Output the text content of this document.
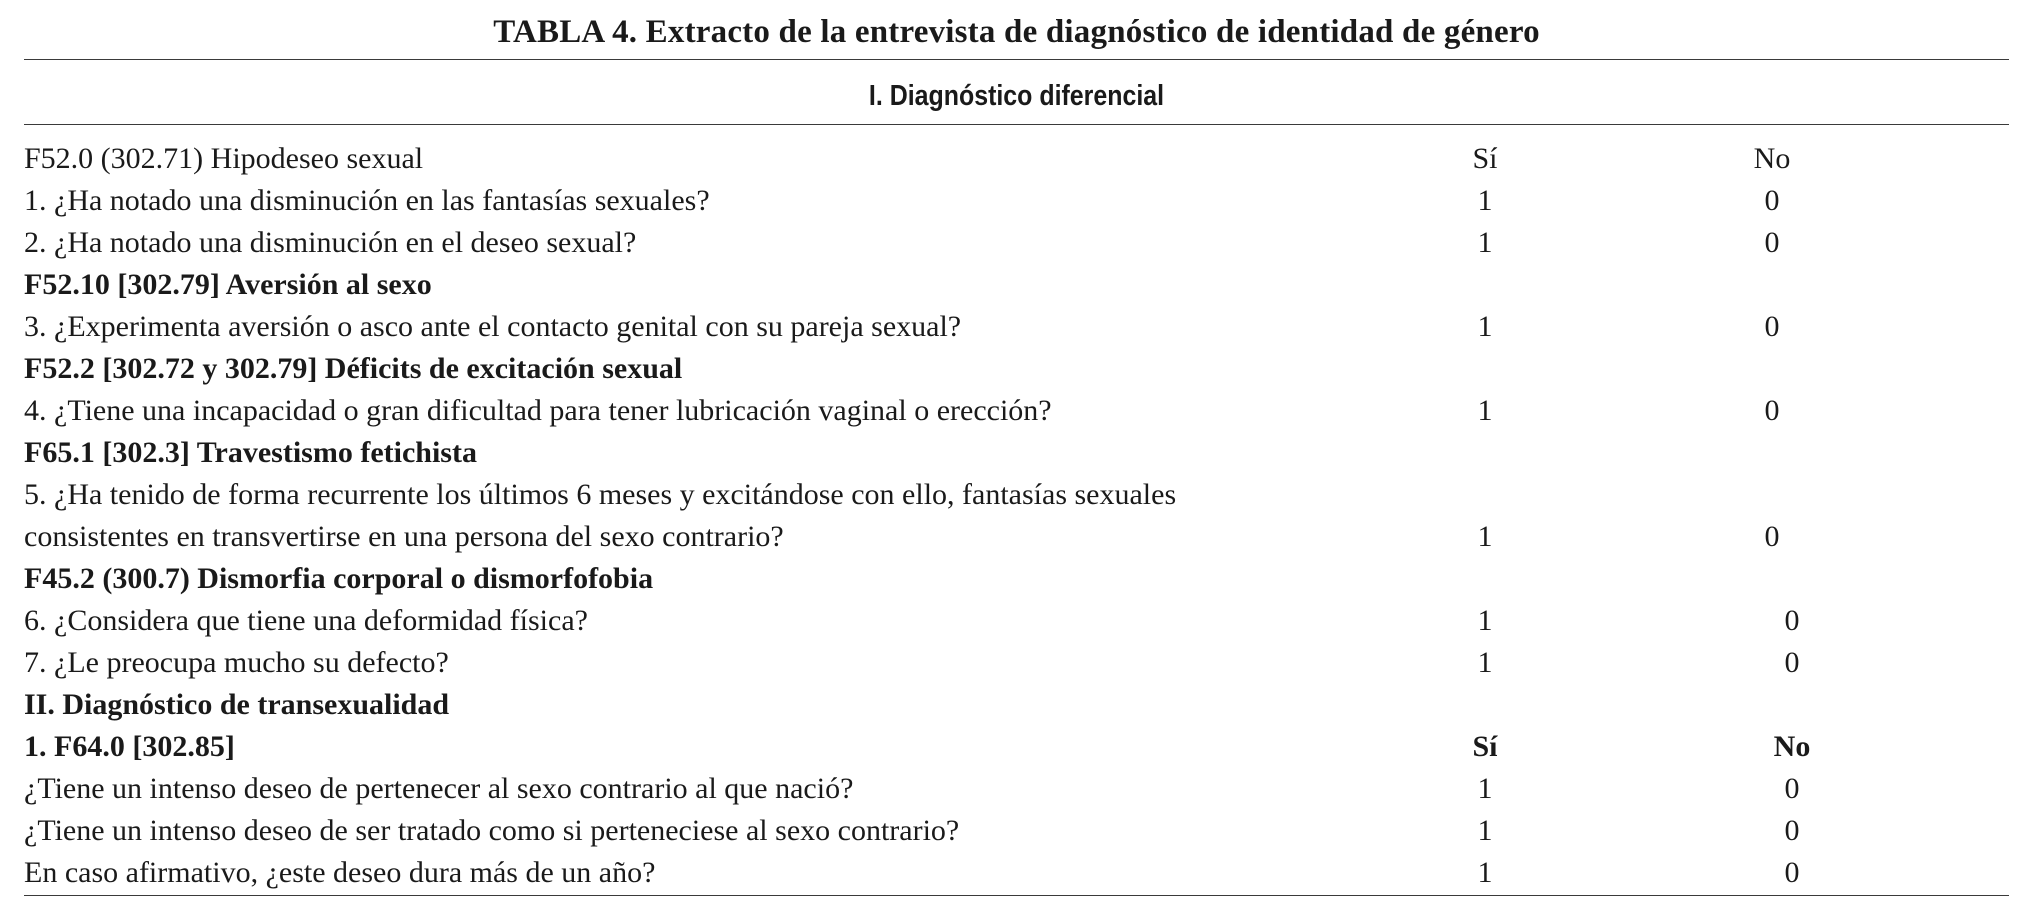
TABLA 4. Extracto de la entrevista de diagnóstico de identidad de género
I. Diagnóstico diferencial
F52.0 (302.71) Hipodeseo sexual	Sí	No
1. ¿Ha notado una disminución en las fantasías sexuales?	1	0
2. ¿Ha notado una disminución en el deseo sexual?	1	0
F52.10 [302.79] Aversión al sexo
3. ¿Experimenta aversión o asco ante el contacto genital con su pareja sexual?	1	0
F52.2 [302.72 y 302.79] Déficits de excitación sexual
4. ¿Tiene una incapacidad o gran dificultad para tener lubricación vaginal o erección?	1	0
F65.1 [302.3] Travestismo fetichista
5. ¿Ha tenido de forma recurrente los últimos 6 meses y excitándose con ello, fantasías sexuales
consistentes en transvertirse en una persona del sexo contrario?	1	0
F45.2 (300.7) Dismorfia corporal o dismorfofobia
6. ¿Considera que tiene una deformidad física?	1	0
7. ¿Le preocupa mucho su defecto?	1	0
II. Diagnóstico de transexualidad
1. F64.0 [302.85]	Sí	No
¿Tiene un intenso deseo de pertenecer al sexo contrario al que nació?	1	0
¿Tiene un intenso deseo de ser tratado como si perteneciese al sexo contrario?	1	0
En caso afirmativo, ¿este deseo dura más de un año?	1	0
